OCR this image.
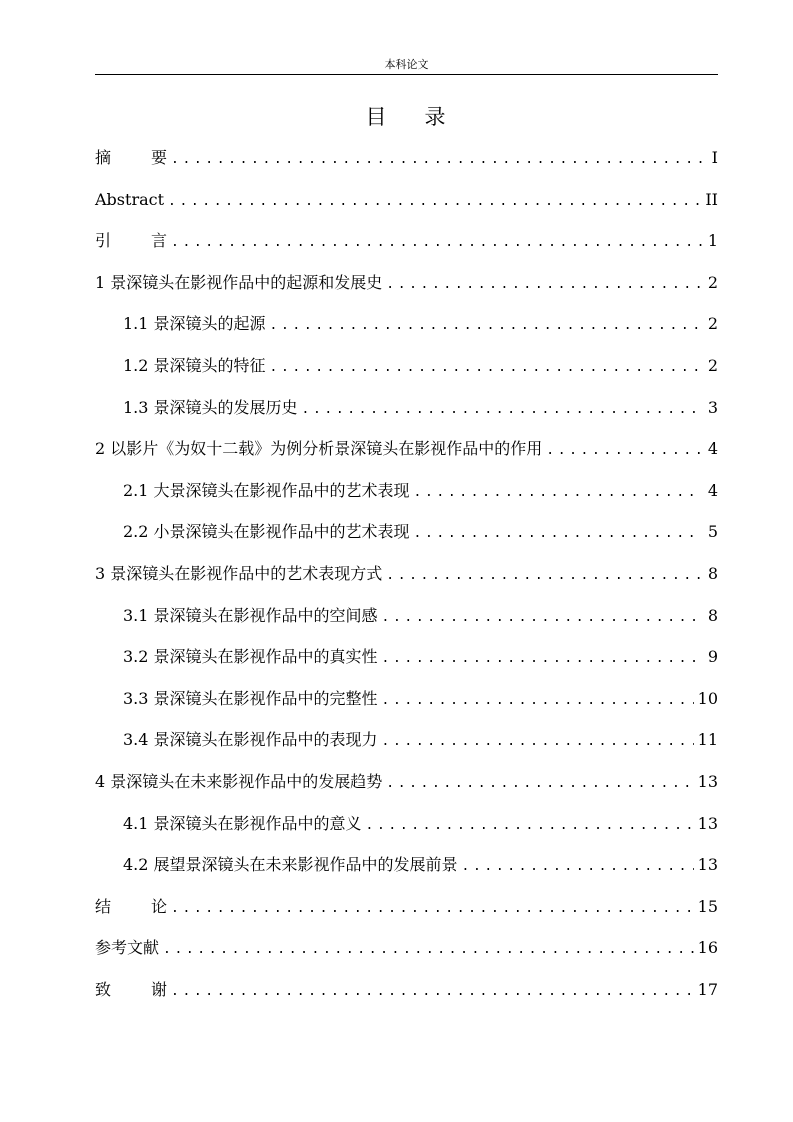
本科论文
目 录
摘	要 .....	I
Abstract .....	II
引	言 .....	1
1 景深镜头在影视作品中的起源和发展史 .....	2
1.1 景深镜头的起源 .....	2
1.2 景深镜头的特征 .....	2
1.3 景深镜头的发展历史 .....	3
2 以影片《为奴十二载》为例分析景深镜头在影视作品中的作用 .....	4
2.1 大景深镜头在影视作品中的艺术表现 .....	4
2.2 小景深镜头在影视作品中的艺术表现 .....	5
3 景深镜头在影视作品中的艺术表现方式 .....	8
3.1 景深镜头在影视作品中的空间感 .....	8
3.2 景深镜头在影视作品中的真实性 .....	9
3.3 景深镜头在影视作品中的完整性 .....	10
3.4 景深镜头在影视作品中的表现力 .....	11
4 景深镜头在未来影视作品中的发展趋势 .....	13
4.1 景深镜头在影视作品中的意义 .....	13
4.2 展望景深镜头在未来影视作品中的发展前景 .....	13
结	论 .....	15
参考文献 .....	16
致	谢 .....	17
